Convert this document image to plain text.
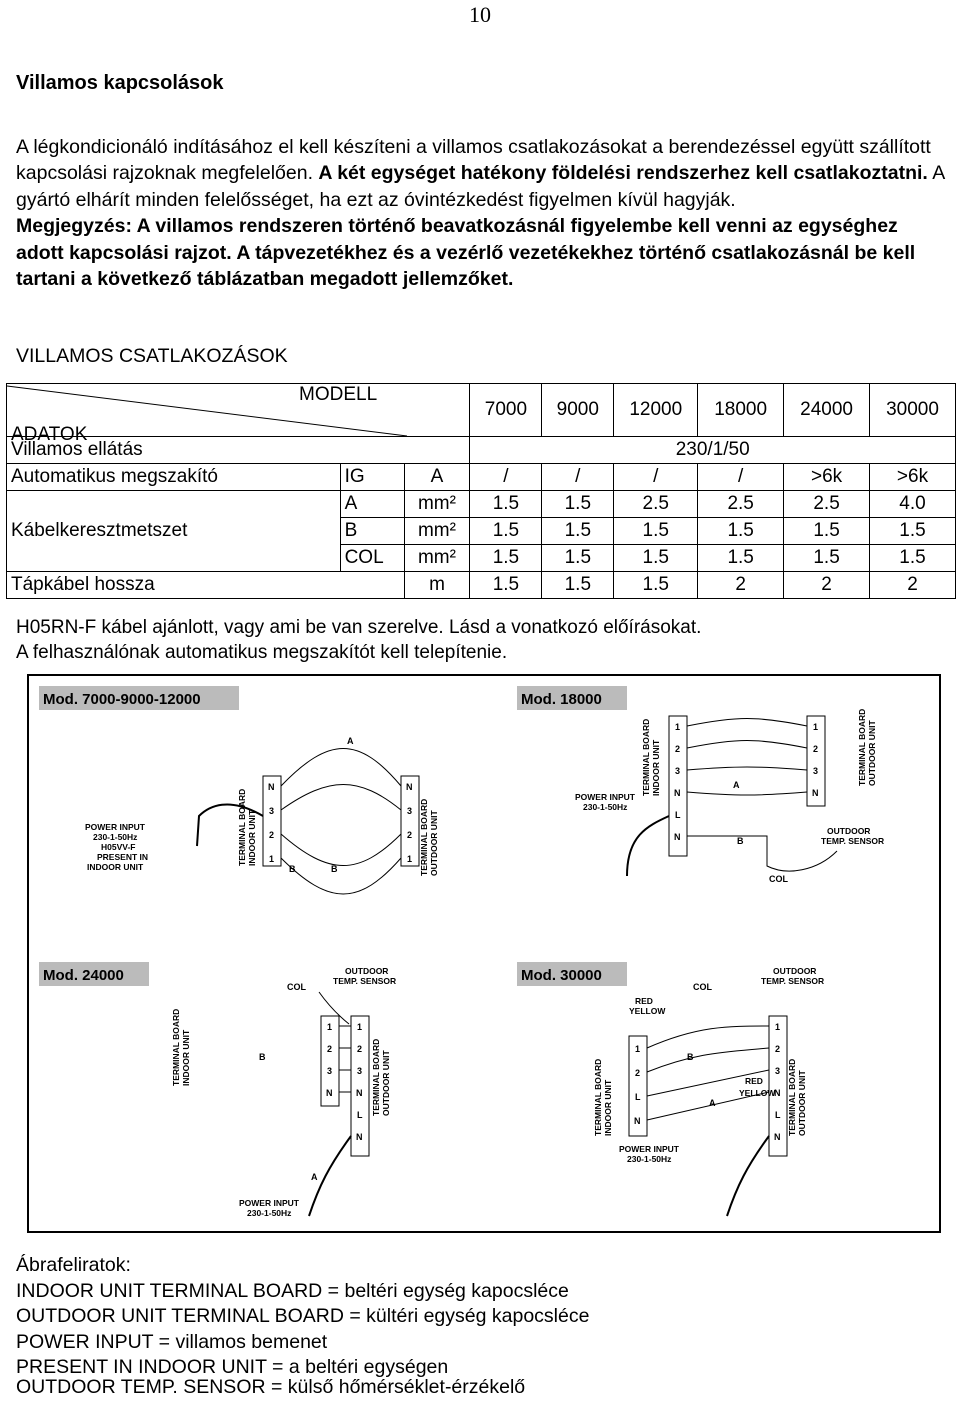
10
Villamos kapcsolások
A légkondicionáló indításához el kell készíteni a villamos csatlakozásokat a berendezéssel együtt szállított kapcsolási rajzoknak megfelelően. A két egységet hatékony földelési rendszerhez kell csatlakoztatni. A gyártó elhárít minden felelősséget, ha ezt az óvintézkedést figyelmen kívül hagyják.
Megjegyzés: A villamos rendszeren történő beavatkozásnál figyelembe kell venni az egységhez adott kapcsolási rajzot. A tápvezetékhez és a vezérlő vezetékekhez történő csatlakozásnál be kell tartani a következő táblázatban megadott jellemzőket.
VILLAMOS CSATLAKOZÁSOK
MODELL
ADATOK			7000	9000	12000	18000	24000	30000

Villamos ellátás			230/1/50					
Automatikus megszakító	IG	A	/	/	/	/	>6k	>6k
Kábelkeresztmetszet	A	mm²	1.5	1.5	2.5	2.5	2.5	4.0
	B	mm²	1.5	1.5	1.5	1.5	1.5	1.5
	COL	mm²	1.5	1.5	1.5	1.5	1.5	1.5
Tápkábel hossza		m	1.5	1.5	1.5	2	2	2
H05RN-F kábel ajánlott, vagy ami be van szerelve. Lásd a vonatkozó előírásokat.
A felhasználónak automatikus megszakítót kell telepítenie.
Mod. 7000-9000-12000
N
3
2
1
INDOOR UNIT
TERMINAL BOARD
N
3
2
1 OUTDOOR UNIT
TERMINAL BOARD
A
B	B
POWER INPUT
230-1-50Hz
H05VV-F
PRESENT IN
INDOOR UNIT
Mod. 18000
1
2
3
N
L
N
INDOOR UNIT
TERMINAL BOARD	1
2
3
N
OUTDOOR UNIT
TERMINAL BOARD
A
B
COL
POWER INPUT
230-1-50Hz
OUTDOOR
TEMP. SENSOR
Mod. 24000
1
2
3
N
INDOOR UNIT
TERMINAL BOARD	1
2
3
N
L
N
OUTDOOR UNIT
TERMINAL BOARD
COL
B
A
POWER INPUT
230-1-50Hz
OUTDOOR
TEMP. SENSOR	Mod. 30000
1
2
L
N
INDOOR UNIT
TERMINAL BOARD
1
2
3
N
L
N
OUTDOOR UNIT
TERMINAL BOARD
RED
YELLOW
RED
YELLOW
COL
B
A
POWER INPUT
230-1-50Hz
OUTDOOR
TEMP. SENSOR
Ábrafeliratok:
INDOOR UNIT TERMINAL BOARD = beltéri egység kapocsléce
OUTDOOR UNIT TERMINAL BOARD = kültéri egység kapocsléce
POWER INPUT = villamos bemenet
PRESENT IN INDOOR UNIT = a beltéri egységen
OUTDOOR TEMP. SENSOR = külső hőmérséklet-érzékelő
